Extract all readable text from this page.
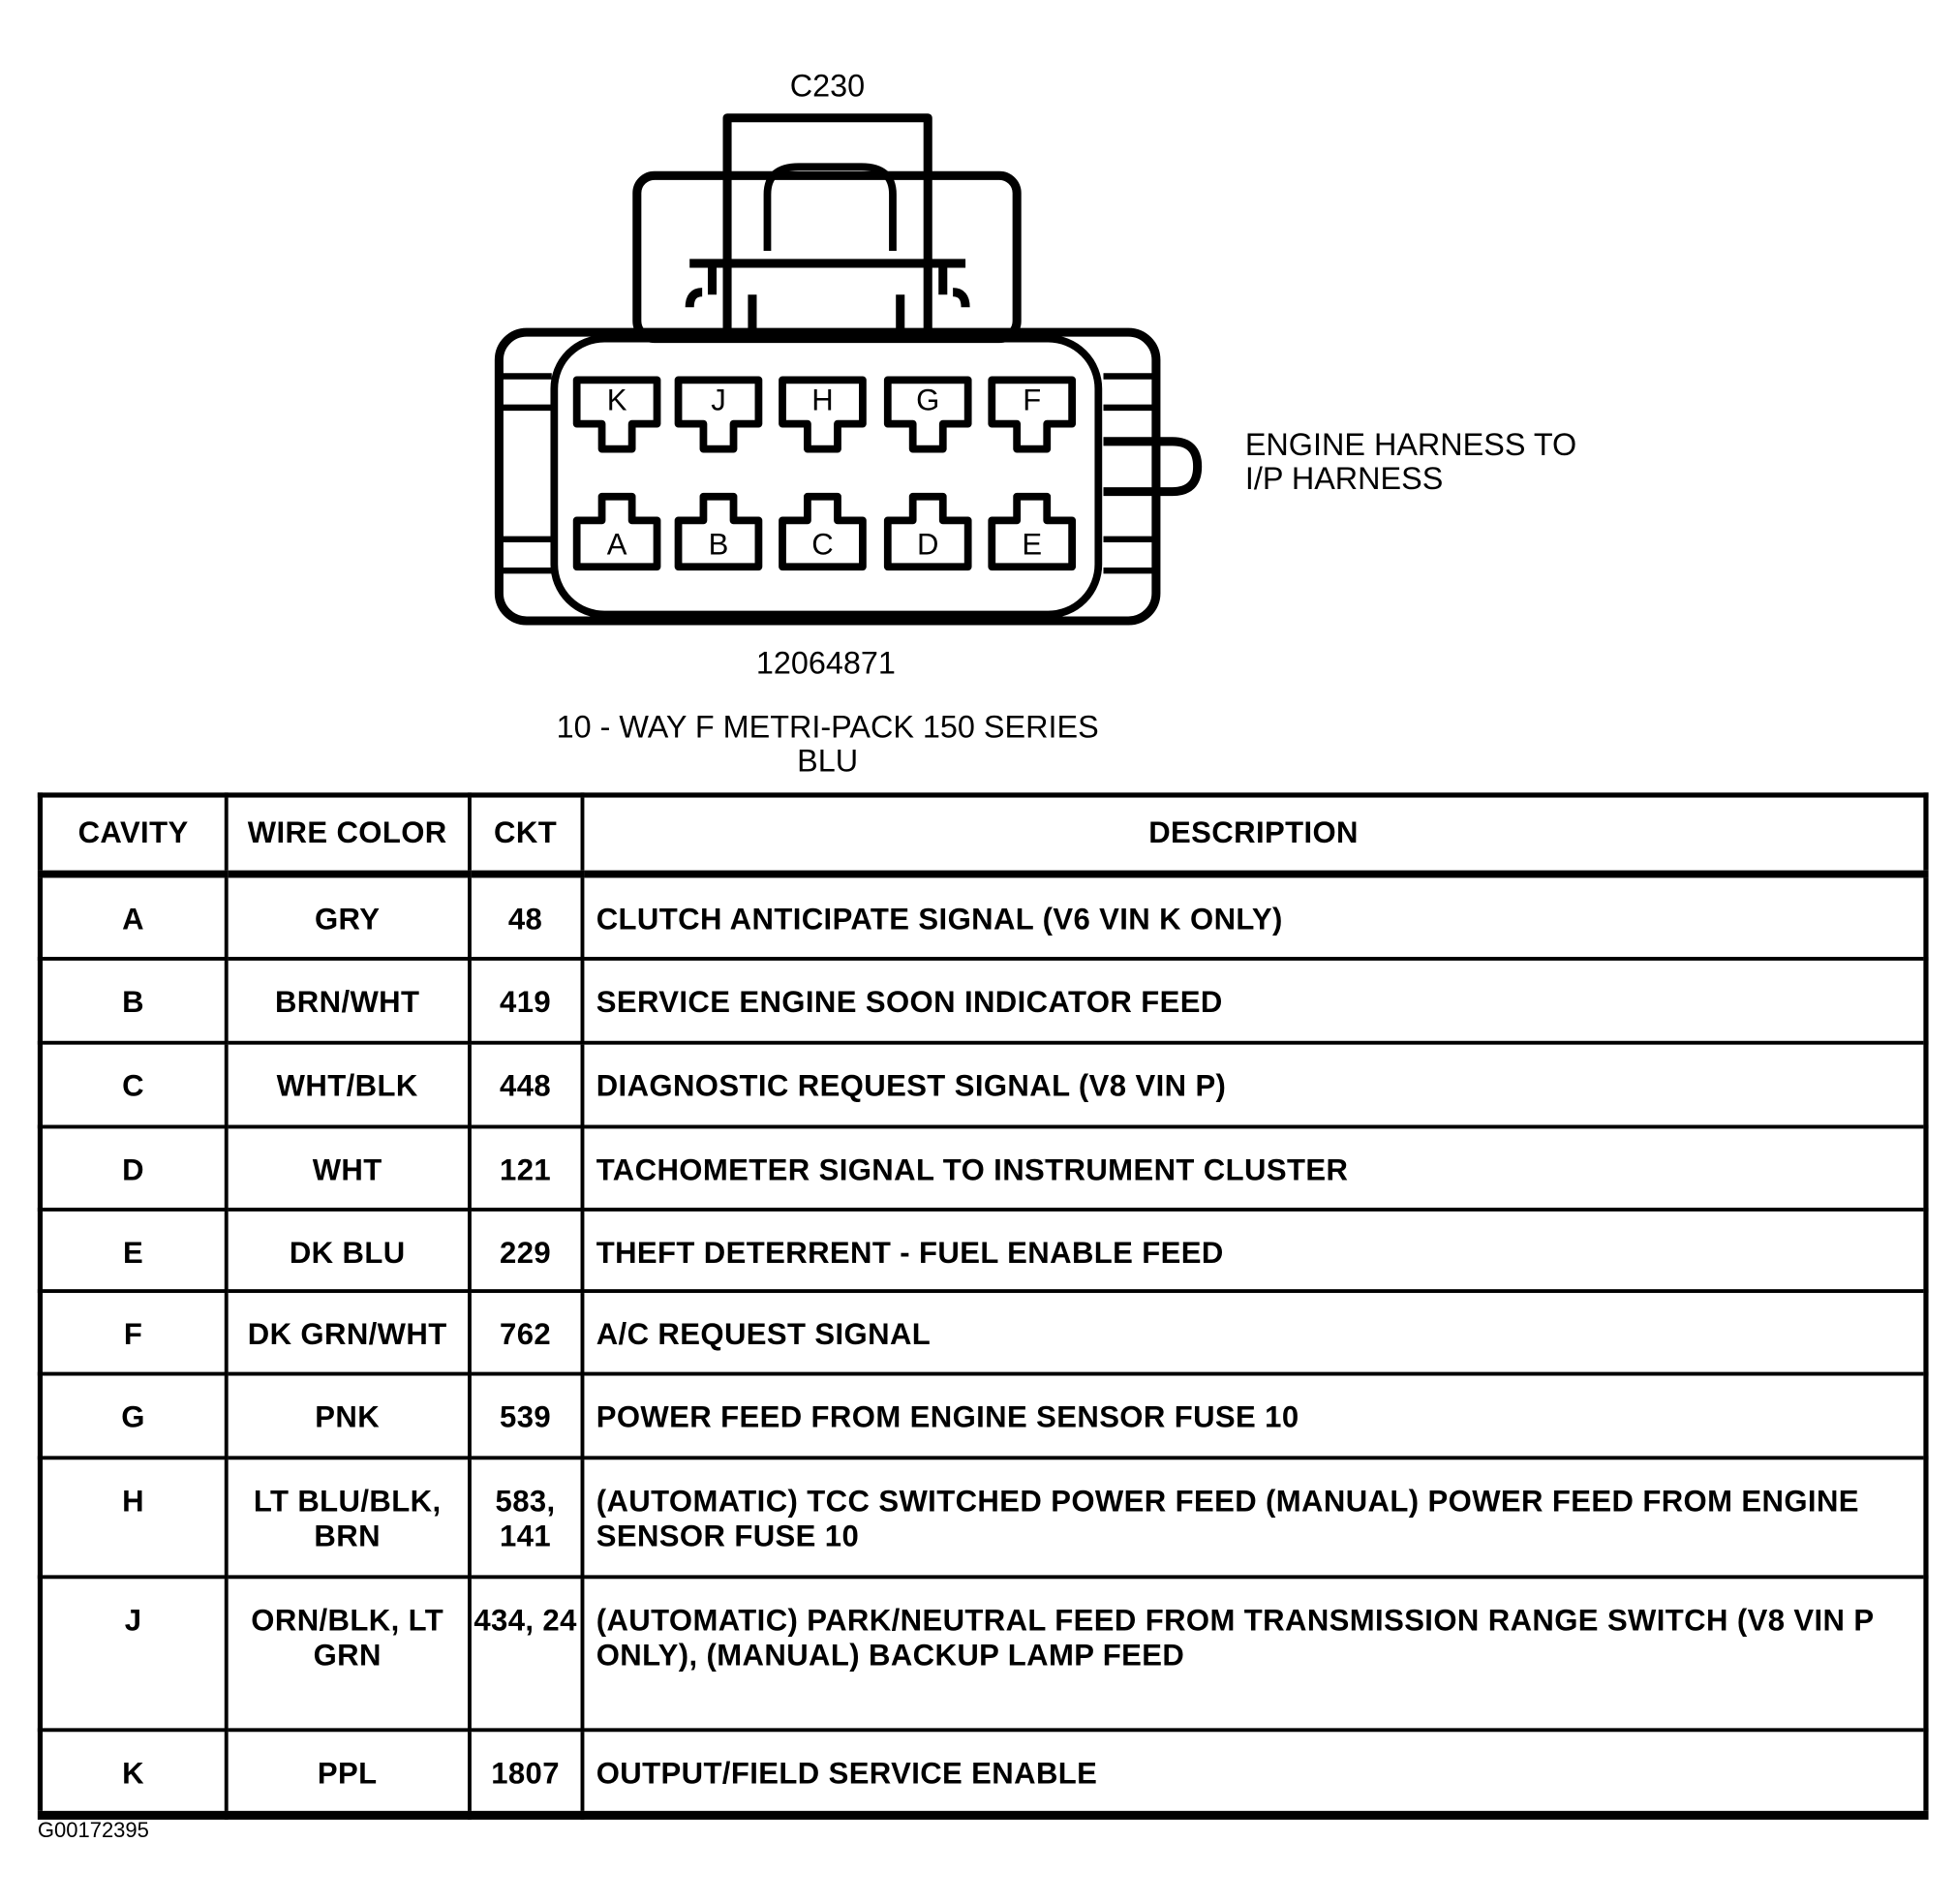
C230
K
A
J
B
H
C
G
D
F
E
ENGINE HARNESS TO
I/P HARNESS
12064871
10 - WAY F METRI-PACK 150 SERIES
BLU
CAVITY	WIRE COLOR	CKT	DESCRIPTION
A	GRY	48	CLUTCH ANTICIPATE SIGNAL (V6 VIN K ONLY)
B	BRN/WHT	419	SERVICE ENGINE SOON INDICATOR FEED
C	WHT/BLK	448	DIAGNOSTIC REQUEST SIGNAL (V8 VIN P)
D	WHT	121	TACHOMETER SIGNAL TO INSTRUMENT CLUSTER
E	DK BLU	229	THEFT DETERRENT - FUEL ENABLE FEED
F	DK GRN/WHT	762	A/C REQUEST SIGNAL
G	PNK	539	POWER FEED FROM ENGINE SENSOR FUSE 10
H	LT BLU/BLK, BRN	583, 141	(AUTOMATIC) TCC SWITCHED POWER FEED (MANUAL) POWER FEED FROM ENGINE SENSOR FUSE 10
J	ORN/BLK, LT GRN	434, 24	(AUTOMATIC) PARK/NEUTRAL FEED FROM TRANSMISSION RANGE SWITCH (V8 VIN P ONLY), (MANUAL) BACKUP LAMP FEED
K	PPL	1807	OUTPUT/FIELD SERVICE ENABLE
G00172395
